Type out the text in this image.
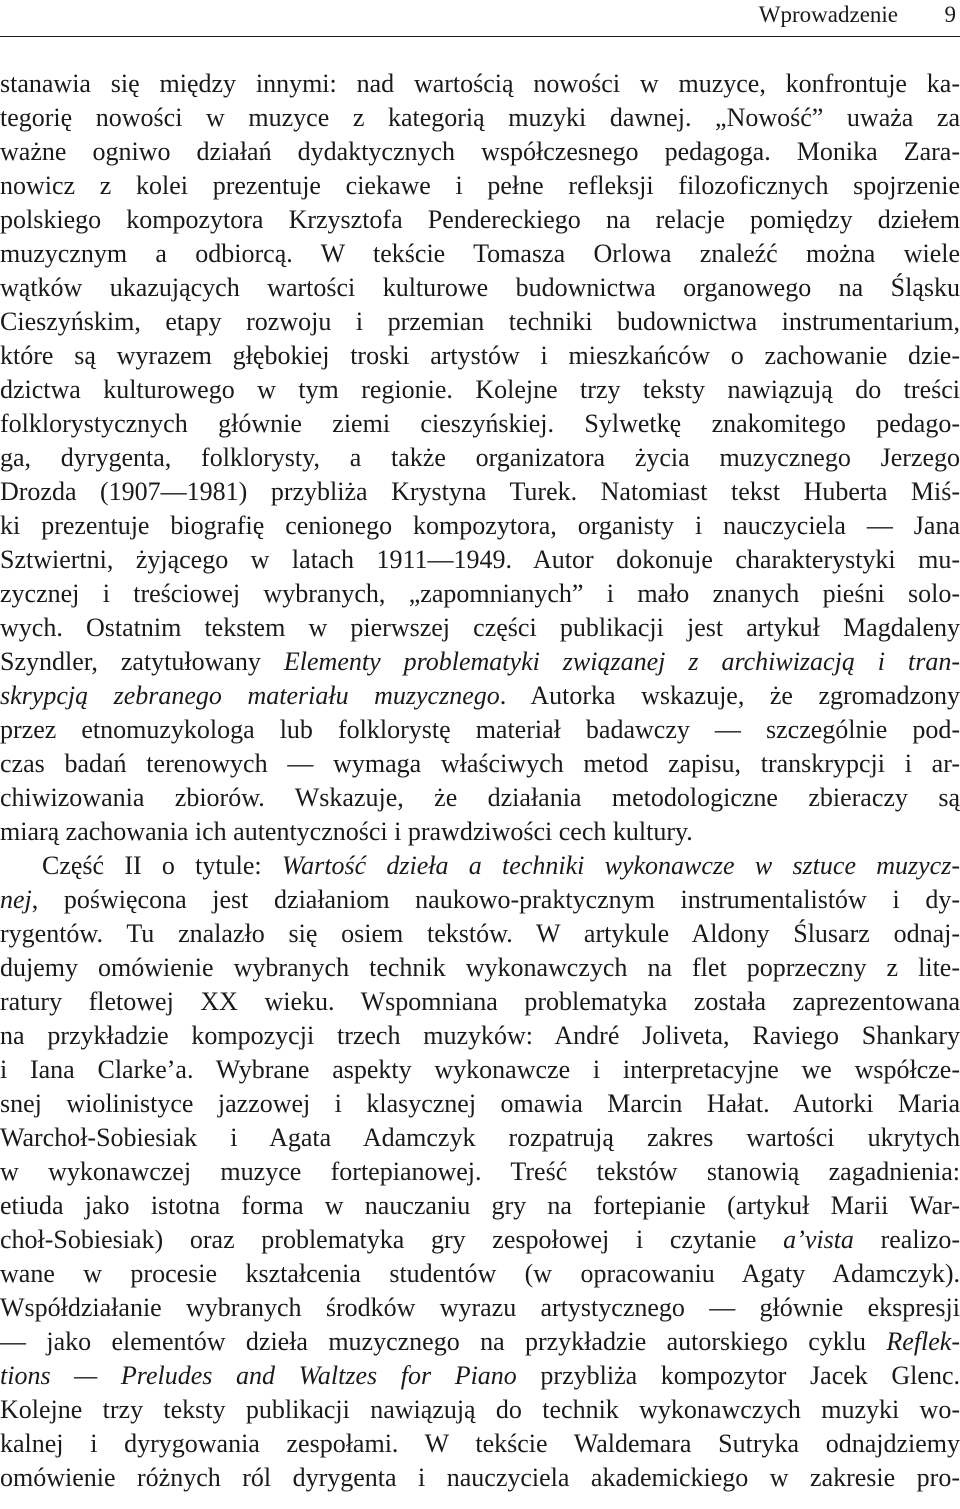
Wprowadzenie 9
stanawia się między innymi: nad wartością nowości w muzyce, konfrontuje ka-
tegorię nowości w muzyce z kategorią muzyki dawnej. „Nowość” uważa za
ważne ogniwo działań dydaktycznych współczesnego pedagoga. Monika Zara-
nowicz z kolei prezentuje ciekawe i pełne refleksji filozoficznych spojrzenie
polskiego kompozytora Krzysztofa Pendereckiego na relacje pomiędzy dziełem
muzycznym a odbiorcą. W tekście Tomasza Orlowa znaleźć można wiele
wątków ukazujących wartości kulturowe budownictwa organowego na Śląsku
Cieszyńskim, etapy rozwoju i przemian techniki budownictwa instrumentarium,
które są wyrazem głębokiej troski artystów i mieszkańców o zachowanie dzie-
dzictwa kulturowego w tym regionie. Kolejne trzy teksty nawiązują do treści
folklorystycznych głównie ziemi cieszyńskiej. Sylwetkę znakomitego pedago-
ga, dyrygenta, folklorysty, a także organizatora życia muzycznego Jerzego
Drozda (1907—1981) przybliża Krystyna Turek. Natomiast tekst Huberta Miś-
ki prezentuje biografię cenionego kompozytora, organisty i nauczyciela — Jana
Sztwiertni, żyjącego w latach 1911—1949. Autor dokonuje charakterystyki mu-
zycznej i treściowej wybranych, „zapomnianych” i mało znanych pieśni solo-
wych. Ostatnim tekstem w pierwszej części publikacji jest artykuł Magdaleny
Szyndler, zatytułowany Elementy problematyki związanej z archiwizacją i tran-
skrypcją zebranego materiału muzycznego. Autorka wskazuje, że zgromadzony
przez etnomuzykologa lub folklorystę materiał badawczy — szczególnie pod-
czas badań terenowych — wymaga właściwych metod zapisu, transkrypcji i ar-
chiwizowania zbiorów. Wskazuje, że działania metodologiczne zbieraczy są
miarą zachowania ich autentyczności i prawdziwości cech kultury.
Część II o tytule: Wartość dzieła a techniki wykonawcze w sztuce muzycz-
nej, poświęcona jest działaniom naukowo-praktycznym instrumentalistów i dy-
rygentów. Tu znalazło się osiem tekstów. W artykule Aldony Ślusarz odnaj-
dujemy omówienie wybranych technik wykonawczych na flet poprzeczny z lite-
ratury fletowej XX wieku. Wspomniana problematyka została zaprezentowana
na przykładzie kompozycji trzech muzyków: André Joliveta, Raviego Shankary
i Iana Clarke’a. Wybrane aspekty wykonawcze i interpretacyjne we współcze-
snej wiolinistyce jazzowej i klasycznej omawia Marcin Hałat. Autorki Maria
Warchoł-Sobiesiak i Agata Adamczyk rozpatrują zakres wartości ukrytych
w wykonawczej muzyce fortepianowej. Treść tekstów stanowią zagadnienia:
etiuda jako istotna forma w nauczaniu gry na fortepianie (artykuł Marii War-
choł-Sobiesiak) oraz problematyka gry zespołowej i czytanie a’vista realizo-
wane w procesie kształcenia studentów (w opracowaniu Agaty Adamczyk).
Współdziałanie wybranych środków wyrazu artystycznego — głównie ekspresji
— jako elementów dzieła muzycznego na przykładzie autorskiego cyklu Reflek-
tions — Preludes and Waltzes for Piano przybliża kompozytor Jacek Glenc.
Kolejne trzy teksty publikacji nawiązują do technik wykonawczych muzyki wo-
kalnej i dyrygowania zespołami. W tekście Waldemara Sutryka odnajdziemy
omówienie różnych ról dyrygenta i nauczyciela akademickiego w zakresie pro-
